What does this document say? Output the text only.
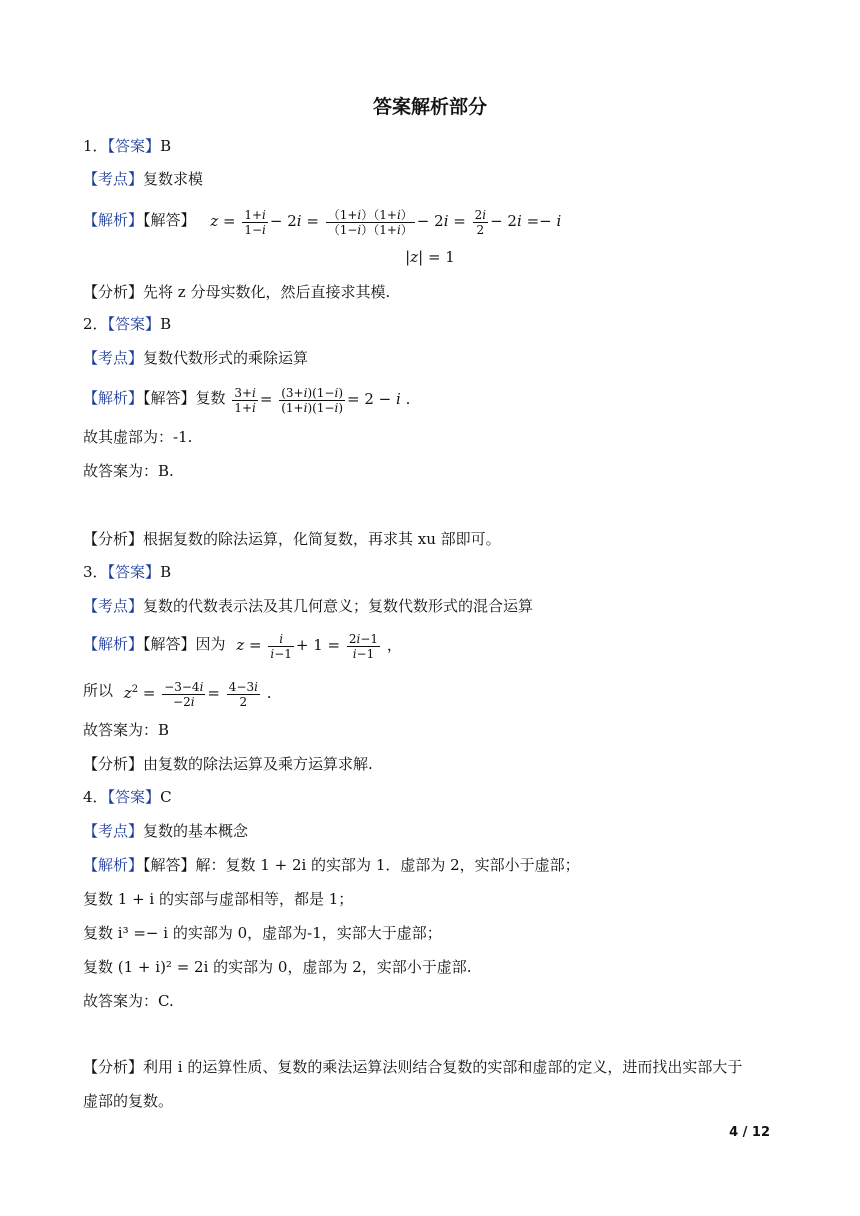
答案解析部分
1．【答案】B
【考点】复数求模
【解析】【解答】 $z = \frac{1+i}{1-i} - 2i = \frac{(1+i)(1+i)}{(1-i)(1+i)} - 2i = \frac{2i}{2} - 2i =- i$
|z| = 1
【分析】先将 z 分母实数化，然后直接求其模.
2．【答案】B
【考点】复数代数形式的乘除运算
【解析】【解答】复数 $\frac{3+i}{1+i} = \frac{(3+i)(1-i)}{(1+i)(1-i)} = 2 - i$ .
故其虚部为：-1.
故答案为：B.
【分析】根据复数的除法运算，化简复数，再求其 xu 部即可。
3．【答案】B
【考点】复数的代数表示法及其几何意义；复数代数形式的混合运算
【解析】【解答】因为 $z = \frac{i}{i-1} + 1 = \frac{2i-1}{i-1}$ ，
所以 $z^2 = \frac{-3-4i}{-2i} = \frac{4-3i}{2}$ .
故答案为：B
【分析】由复数的除法运算及乘方运算求解.
4．【答案】C
【考点】复数的基本概念
【解析】【解答】解：复数 1 + 2i 的实部为 1．虚部为 2，实部小于虚部；
复数 1 + i 的实部与虚部相等，都是 1；
复数 i³ =− i 的实部为 0，虚部为-1，实部大于虚部；
复数 (1 + i)² = 2i 的实部为 0，虚部为 2，实部小于虚部.
故答案为：C.
【分析】利用 i 的运算性质、复数的乘法运算法则结合复数的实部和虚部的定义，进而找出实部大于
虚部的复数。
4 / 12
